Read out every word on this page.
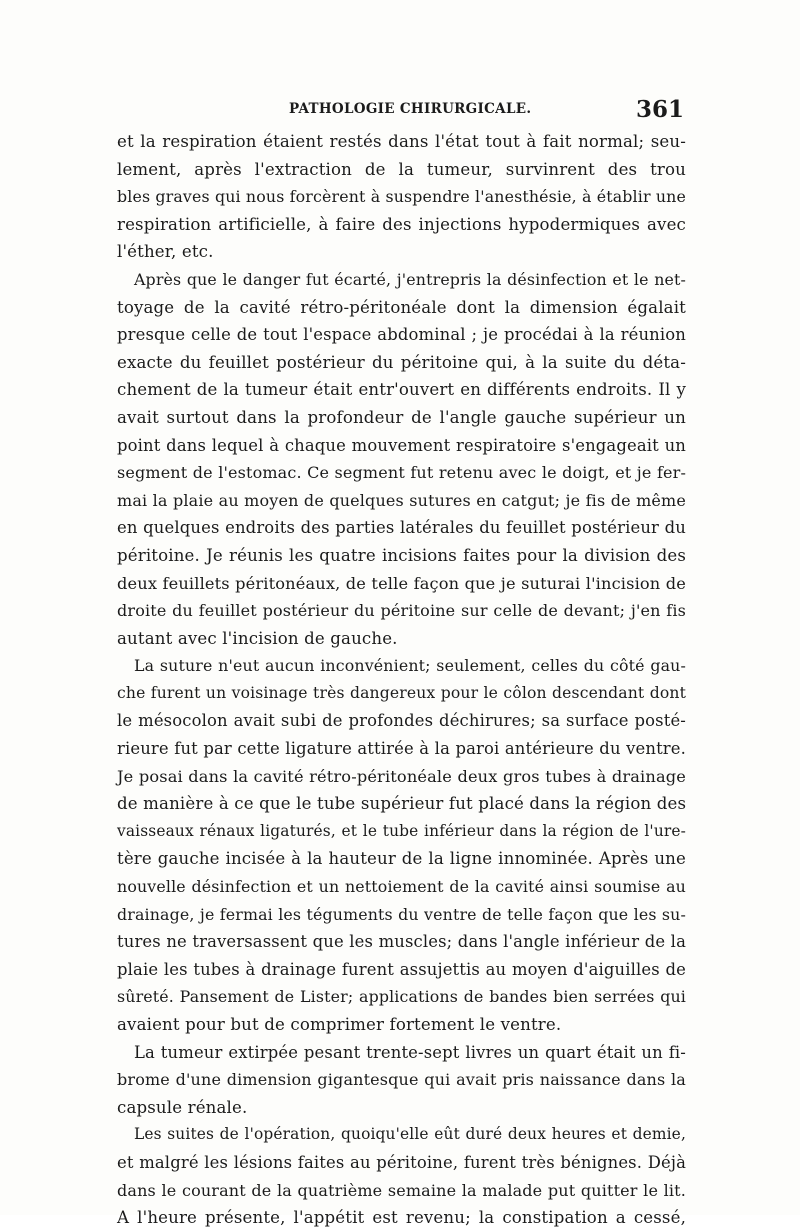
PATHOLOGIE CHIRURGICALE.	361
et la respiration étaient restés dans l'état tout à fait normal; seu-
lement, après l'extraction de la tumeur, survinrent des trou
bles graves qui nous forcèrent à suspendre l'anesthésie, à établir une
respiration artificielle, à faire des injections hypodermiques avec
l'éther, etc.
Après que le danger fut écarté, j'entrepris la désinfection et le net-
toyage de la cavité rétro-péritonéale dont la dimension égalait
presque celle de tout l'espace abdominal ; je procédai à la réunion
exacte du feuillet postérieur du péritoine qui, à la suite du déta-
chement de la tumeur était entr'ouvert en différents endroits. Il y
avait surtout dans la profondeur de l'angle gauche supérieur un
point dans lequel à chaque mouvement respiratoire s'engageait un
segment de l'estomac. Ce segment fut retenu avec le doigt, et je fer-
mai la plaie au moyen de quelques sutures en catgut; je fis de même
en quelques endroits des parties latérales du feuillet postérieur du
péritoine. Je réunis les quatre incisions faites pour la division des
deux feuillets péritonéaux, de telle façon que je suturai l'incision de
droite du feuillet postérieur du péritoine sur celle de devant; j'en fis
autant avec l'incision de gauche.
La suture n'eut aucun inconvénient; seulement, celles du côté gau-
che furent un voisinage très dangereux pour le côlon descendant dont
le mésocolon avait subi de profondes déchirures; sa surface posté-
rieure fut par cette ligature attirée à la paroi antérieure du ventre.
Je posai dans la cavité rétro-péritonéale deux gros tubes à drainage
de manière à ce que le tube supérieur fut placé dans la région des
vaisseaux rénaux ligaturés, et le tube inférieur dans la région de l'ure-
tère gauche incisée à la hauteur de la ligne innominée. Après une
nouvelle désinfection et un nettoiement de la cavité ainsi soumise au
drainage, je fermai les téguments du ventre de telle façon que les su-
tures ne traversassent que les muscles; dans l'angle inférieur de la
plaie les tubes à drainage furent assujettis au moyen d'aiguilles de
sûreté. Pansement de Lister; applications de bandes bien serrées qui
avaient pour but de comprimer fortement le ventre.
La tumeur extirpée pesant trente-sept livres un quart était un fi-
brome d'une dimension gigantesque qui avait pris naissance dans la
capsule rénale.
Les suites de l'opération, quoiqu'elle eût duré deux heures et demie,
et malgré les lésions faites au péritoine, furent très bénignes. Déjà
dans le courant de la quatrième semaine la malade put quitter le lit.
A l'heure présente, l'appétit est revenu; la constipation a cessé,
